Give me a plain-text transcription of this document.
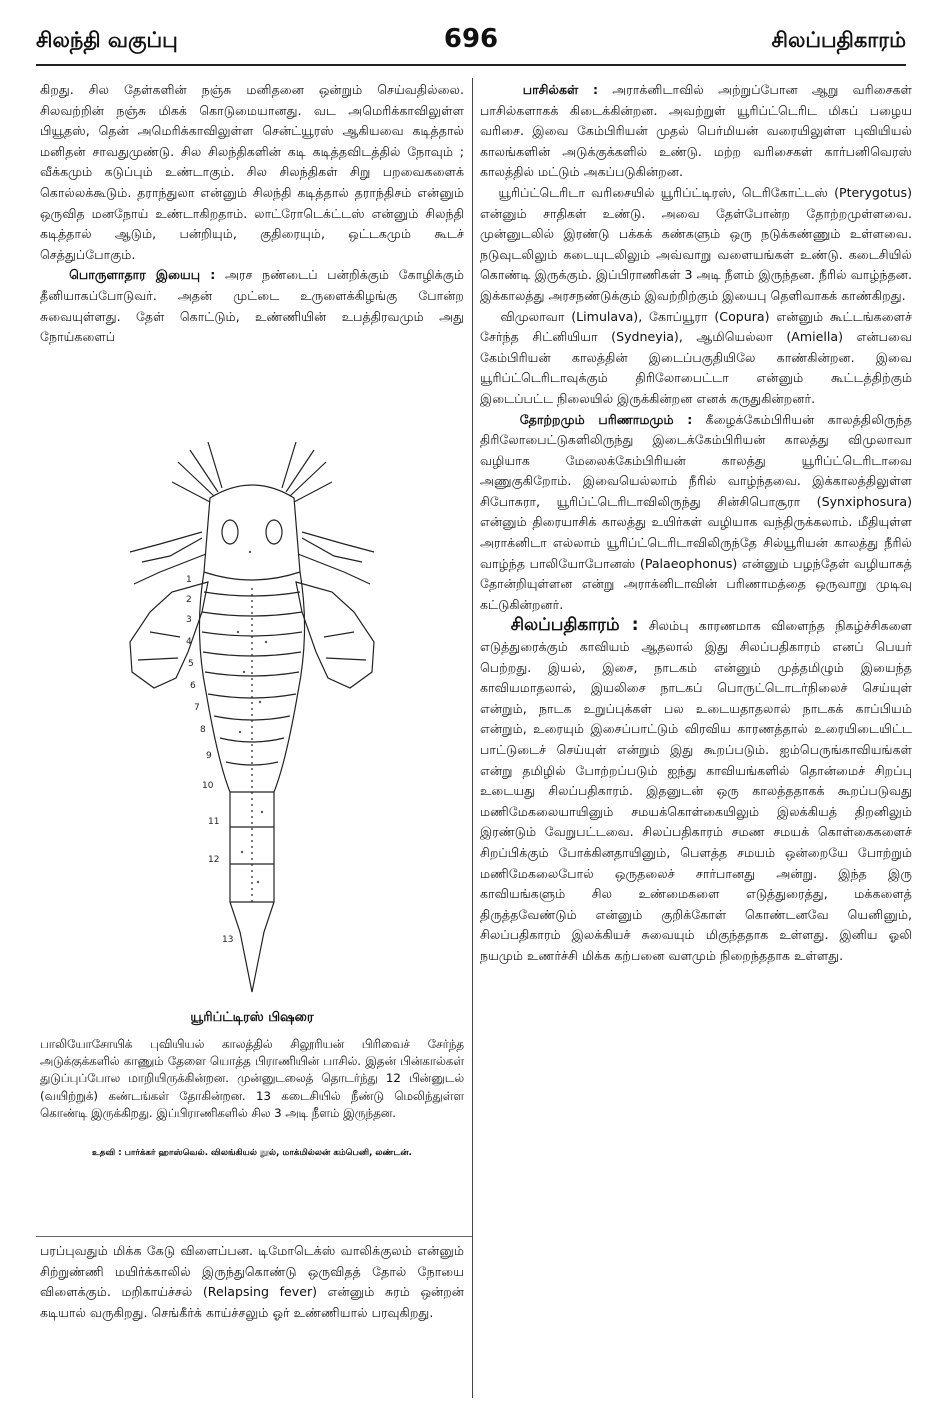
சிலந்தி வகுப்பு	696	சிலப்பதிகாரம்

கிறது. சில தேள்களின் நஞ்சு மனிதனை ஒன்றும் செய்வதில்லை. சிலவற்றின் நஞ்சு மிகக் கொடுமையானது. வட அமெரிக்காவிலுள்ள பியூதஸ், தென் அமெரிக்காவிலுள்ள சென்ட்யூரஸ் ஆகியவை கடித்தால் மனிதன் சாவதுமுண்டு. சில சிலந்திகளின் கடி கடித்தவிடத்தில் நோவும் ; வீக்கமும் கடுப்பும் உண்டாகும். சில சிலந்திகள் சிறு பறவைகளைக் கொல்லக்கூடும். தராந்துலா என்னும் சிலந்தி கடித்தால் தராந்திசம் என்னும் ஒருவித மனநோய் உண்டாகிறதாம். லாட்ரோடெக்ட்டஸ் என்னும் சிலந்தி கடித்தால் ஆடும், பன்றியும், குதிரையும், ஒட்டகமும் கூடச் செத்துப்போகும்.

பொருளாதார இயைபு : அரச நண்டைப் பன்றிக்கும் கோழிக்கும் தீனியாகப்போடுவர். அதன் முட்டை உருளைக்கிழங்கு போன்ற சுவையுள்ளது. தேள் கொட்டும், உண்ணியின் உபத்திரவமும் அது நோய்களைப்

1
2
3
4
5
6
7
8
9
10
11
12
13
யூரிப்ட்டிரஸ் பிஷரை
பாலியோசோயிக் புவியியல் காலத்தில் சிலூரியன் பிரிவைச் சேர்ந்த அடுக்குக்களில் காணும் தேளை யொத்த பிராணியின் பாசில். இதன் பின்கால்கள் துடுப்புப்போல மாறியிருக்கின்றன. முன்னுடலைத் தொடர்ந்து 12 பின்னுடல் (வயிற்றுக்) கண்டங்கள் தோகின்றன. 13 கடைசியில் நீண்டு மெலிந்துள்ள கொண்டி இருக்கிறது. இப்பிராணிகளில் சில 3 அடி நீளம் இருந்தன.
உதவி : பார்க்கர் ஹாஸ்வெல். விலங்கியல் நூல், மாக்மில்லன் கம்பெனி, லண்டன்.

பரப்புவதும் மிக்க கேடு விளைப்பன. டிமோடெக்ஸ் வாலிக்குலம் என்னும் சிற்றுண்ணி மயிர்க்காலில் இருந்துகொண்டு ஒருவிதத் தோல் நோயை விளைக்கும். மறிகாய்ச்சல் (Relapsing fever) என்னும் சுரம் ஒன்றன் கடியால் வருகிறது. செங்கீர்க் காய்ச்சலும் ஓர் உண்ணியால் பரவுகிறது.

பாசில்கள் : அராக்னிடாவில் அற்றுப்போன ஆறு வரிசைகள் பாசில்களாகக் கிடைக்கின்றன. அவற்றுள் யூரிப்ட்டெரிட மிகப் பழைய வரிசை. இவை கேம்பிரியன் முதல் பெர்மியன் வரையிலுள்ள புவியியல் காலங்களின் அடுக்குக்களில் உண்டு. மற்ற வரிசைகள் கார்பனிவெரஸ் காலத்தில் மட்டும் அகப்படுகின்றன.

யூரிப்ட்டெரிடா வரிசையில் யூரிப்ட்டிரஸ், டெரிகோட்டஸ் (Pterygotus) என்னும் சாதிகள் உண்டு. அவை தேள்போன்ற தோற்றமுள்ளவை. முன்னுடலில் இரண்டு பக்கக் கண்களும் ஒரு நடுக்கண்ணும் உள்ளவை. நடுவுடலிலும் கடையுடலிலும் அவ்வாறு வளையங்கள் உண்டு. கடைசியில் கொண்டி இருக்கும். இப்பிராணிகள் 3 அடி நீளம் இருந்தன. நீரில் வாழ்ந்தன. இக்காலத்து அரசநண்டுக்கும் இவற்றிற்கும் இயைபு தெளிவாகக் காண்கிறது.

விமுலாவா (Limulava), கோப்யூரா (Copura) என்னும் கூட்டங்களைச் சேர்ந்த சிட்னியியா (Sydneyia), ஆமியெல்லா (Amiella) என்பவை கேம்பிரியன் காலத்தின் இடைப்பகுதியிலே காண்கின்றன. இவை யூரிப்ட்டெரிடாவுக்கும் திரிலோபைட்டா என்னும் கூட்டத்திற்கும் இடைப்பட்ட நிலையில் இருக்கின்றன எனக் கருதுகின்றனர்.

தோற்றமும் பரிணாமமும் : கீழைக்கேம்பிரியன் காலத்திலிருந்த திரிலோபைட்டுகளிலிருந்து இடைக்கேம்பிரியன் காலத்து விமுலாவா வழியாக மேலைக்கேம்பிரியன் காலத்து யூரிப்ட்டெரிடாவை அணுகுகிறோம். இவையெல்லாம் நீரில் வாழ்ந்தவை. இக்காலத்திலுள்ள சிபோசுரா, யூரிப்ட்டெரிடாவிலிருந்து சின்சிபொசூரா (Synxiphosura) என்னும் திரையாசிக் காலத்து உயிர்கள் வழியாக வந்திருக்கலாம். மீதியுள்ள அராக்னிடா எல்லாம் யூரிப்ட்டெரிடாவிலிருந்தே சில்யூரியன் காலத்து நீரில் வாழ்ந்த பாலியோபோனஸ் (Palaeophonus) என்னும் பழந்தேள் வழியாகத் தோன்றியுள்ளன என்று அராக்னிடாவின் பரிணாமத்தை ஒருவாறு முடிவு கட்டுகின்றனர்.

சிலப்பதிகாரம் : சிலம்பு காரணமாக விளைந்த நிகழ்ச்சிகளை எடுத்துரைக்கும் காவியம் ஆதலால் இது சிலப்பதிகாரம் எனப் பெயர் பெற்றது. இயல், இசை, நாடகம் என்னும் முத்தமிழும் இயைந்த காவியமாதலால், இயலிசை நாடகப் பொருட்டொடர்நிலைச் செய்யுள் என்றும், நாடக உறுப்புக்கள் பல உடையதாதலால் நாடகக் காப்பியம் என்றும், உரையும் இசைப்பாட்டும் விரவிய காரணத்தால் உரையிடையிட்ட பாட்டுடைச் செய்யுள் என்றும் இது கூறப்படும். ஐம்பெருங்காவியங்கள் என்று தமிழில் போற்றப்படும் ஐந்து காவியங்களில் தொன்மைச் சிறப்பு உடையது சிலப்பதிகாரம். இதனுடன் ஒரு காலத்ததாகக் கூறப்படுவது மணிமேகலையாயினும் சமயக்கொள்கையிலும் இலக்கியத் திறனிலும் இரண்டும் வேறுபட்டவை. சிலப்பதிகாரம் சமண சமயக் கொள்கைகளைச் சிறப்பிக்கும் போக்கினதாயினும், பௌத்த சமயம் ஒன்றையே போற்றும் மணிமேகலைபோல் ஒருதலைச் சார்பானது அன்று. இந்த இரு காவியங்களும் சில உண்மைகளை எடுத்துரைத்து, மக்களைத் திருத்தவேண்டும் என்னும் குறிக்கோள் கொண்டனவே யெனினும், சிலப்பதிகாரம் இலக்கியச் சுவையும் மிகுந்ததாக உள்ளது. இனிய ஓலி நயமும் உணர்ச்சி மிக்க கற்பனை வளமும் நிறைந்ததாக உள்ளது.
